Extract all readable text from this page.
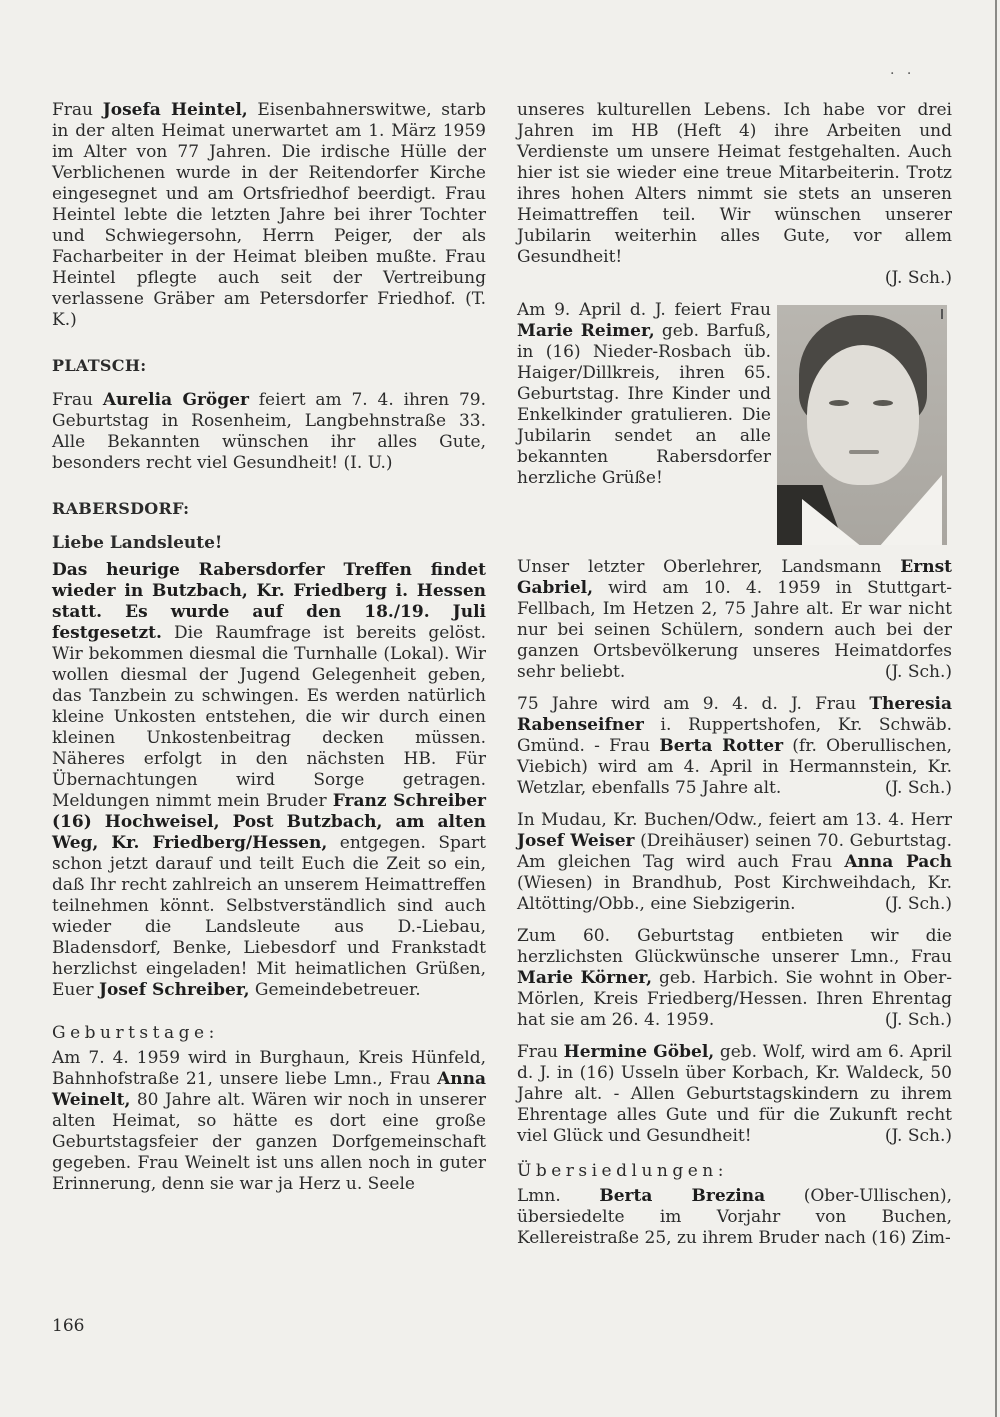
. .

Frau Josefa Heintel, Eisenbahnerswitwe, starb in der alten Heimat unerwartet am 1. März 1959 im Alter von 77 Jahren. Die irdische Hülle der Verblichenen wurde in der Reitendorfer Kirche eingesegnet und am Ortsfriedhof beerdigt. Frau Heintel lebte die letzten Jahre bei ihrer Tochter und Schwiegersohn, Herrn Peiger, der als Facharbeiter in der Heimat bleiben mußte. Frau Heintel pflegte auch seit der Vertreibung verlassene Gräber am Petersdorfer Friedhof. (T. K.)

PLATSCH:

Frau Aurelia Gröger feiert am 7. 4. ihren 79. Geburtstag in Rosenheim, Langbehnstraße 33. Alle Bekannten wünschen ihr alles Gute, besonders recht viel Gesundheit! (I. U.)

RABERSDORF:
Liebe Landsleute!

Das heurige Rabersdorfer Treffen findet wieder in Butzbach, Kr. Friedberg i. Hessen statt. Es wurde auf den 18./19. Juli festgesetzt. Die Raumfrage ist bereits gelöst. Wir bekommen diesmal die Turnhalle (Lokal). Wir wollen diesmal der Jugend Gelegenheit geben, das Tanzbein zu schwingen. Es werden natürlich kleine Unkosten entstehen, die wir durch einen kleinen Unkostenbeitrag decken müssen. Näheres erfolgt in den nächsten HB. Für Übernachtungen wird Sorge getragen. Meldungen nimmt mein Bruder Franz Schreiber (16) Hochweisel, Post Butzbach, am alten Weg, Kr. Friedberg/Hessen, entgegen. Spart schon jetzt darauf und teilt Euch die Zeit so ein, daß Ihr recht zahlreich an unserem Heimattreffen teilnehmen könnt. Selbstverständlich sind auch wieder die Landsleute aus D.-Liebau, Bladensdorf, Benke, Liebesdorf und Frankstadt herzlichst eingeladen! Mit heimatlichen Grüßen, Euer Josef Schreiber, Gemeindebetreuer.

Geburtstage:

Am 7. 4. 1959 wird in Burghaun, Kreis Hünfeld, Bahnhofstraße 21, unsere liebe Lmn., Frau Anna Weinelt, 80 Jahre alt. Wären wir noch in unserer alten Heimat, so hätte es dort eine große Geburtstagsfeier der ganzen Dorfgemeinschaft gegeben. Frau Weinelt ist uns allen noch in guter Erinnerung, denn sie war ja Herz u. Seele

unseres kulturellen Lebens. Ich habe vor drei Jahren im HB (Heft 4) ihre Arbeiten und Verdienste um unsere Heimat festgehalten. Auch hier ist sie wieder eine treue Mitarbeiterin. Trotz ihres hohen Alters nimmt sie stets an unseren Heimattreffen teil. Wir wünschen unserer Jubilarin weiterhin alles Gute, vor allem Gesundheit!
(J. Sch.)

Am 9. April d. J. feiert Frau Marie Reimer, geb. Barfuß, in (16) Nieder-Rosbach üb. Haiger/Dillkreis, ihren 65. Geburtstag. Ihre Kinder und Enkelkinder gratulieren. Die Jubilarin sendet an alle bekannten Rabersdorfer herzliche Grüße!

Unser letzter Oberlehrer, Landsmann Ernst Gabriel, wird am 10. 4. 1959 in Stuttgart-Fellbach, Im Hetzen 2, 75 Jahre alt. Er war nicht nur bei seinen Schülern, sondern auch bei der ganzen Ortsbevölkerung unseres Heimatdorfes sehr beliebt.	(J. Sch.)

75 Jahre wird am 9. 4. d. J. Frau Theresia Rabenseifner i. Ruppertshofen, Kr. Schwäb. Gmünd. - Frau Berta Rotter (fr. Oberullischen, Viebich) wird am 4. April in Hermannstein, Kr. Wetzlar, ebenfalls 75 Jahre alt.	(J. Sch.)

In Mudau, Kr. Buchen/Odw., feiert am 13. 4. Herr Josef Weiser (Dreihäuser) seinen 70. Geburtstag. Am gleichen Tag wird auch Frau Anna Pach (Wiesen) in Brandhub, Post Kirchweihdach, Kr. Altötting/Obb., eine Siebzigerin.	(J. Sch.)

Zum 60. Geburtstag entbieten wir die herzlichsten Glückwünsche unserer Lmn., Frau Marie Körner, geb. Harbich. Sie wohnt in Ober-Mörlen, Kreis Friedberg/Hessen. Ihren Ehrentag hat sie am 26. 4. 1959.	(J. Sch.)

Frau Hermine Göbel, geb. Wolf, wird am 6. April d. J. in (16) Usseln über Korbach, Kr. Waldeck, 50 Jahre alt. - Allen Geburtstagskindern zu ihrem Ehrentage alles Gute und für die Zukunft recht viel Glück und Gesundheit!	(J. Sch.)

Übersiedlungen:

Lmn. Berta Brezina (Ober-Ullischen), übersiedelte im Vorjahr von Buchen, Kellereistraße 25, zu ihrem Bruder nach (16) Zim-

166
